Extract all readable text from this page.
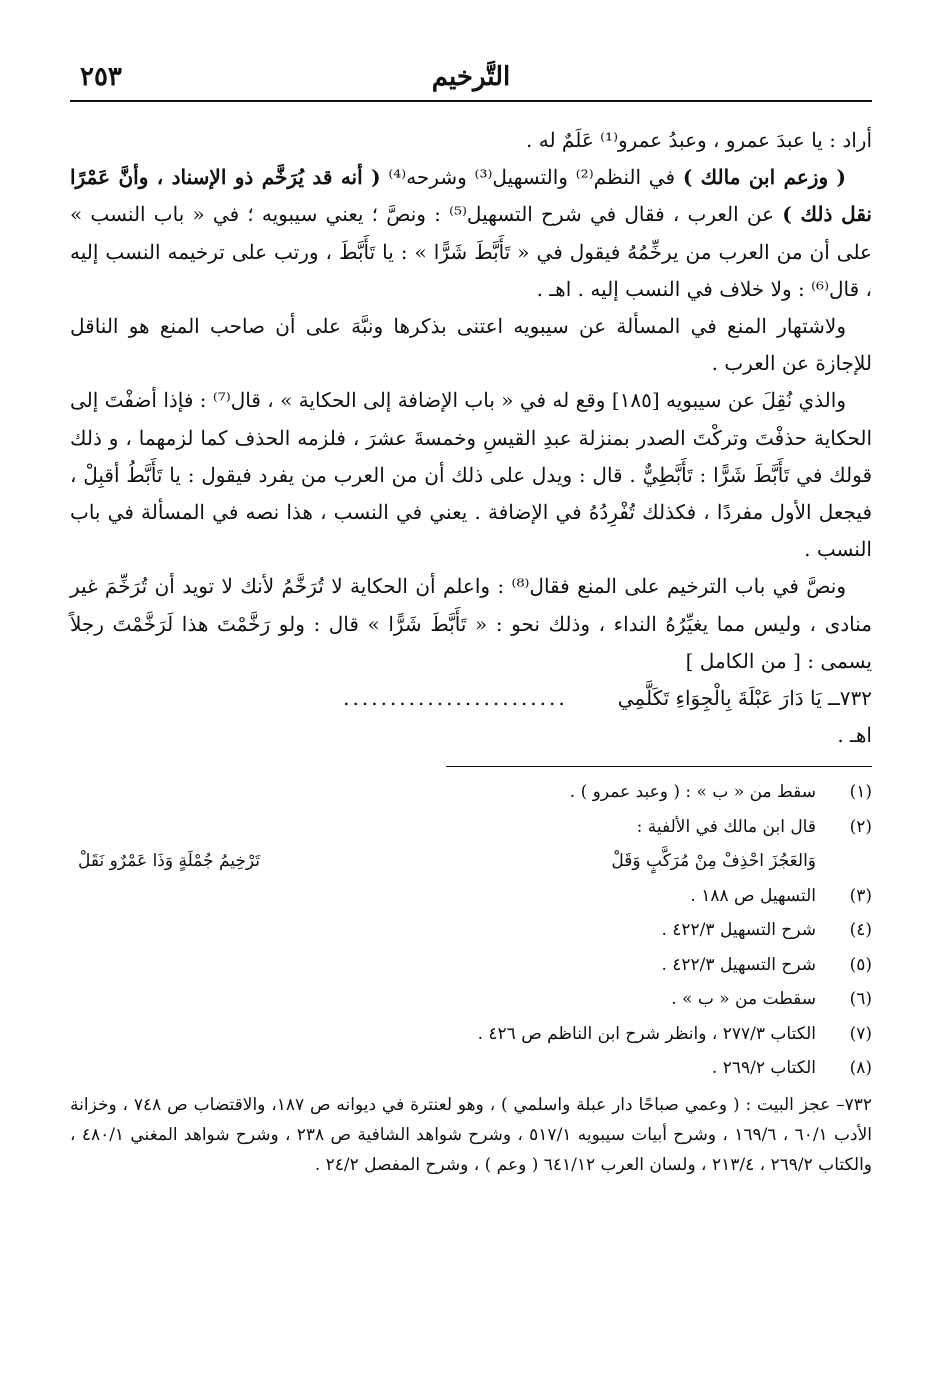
التَّرخيم
٢٥٣

أراد : يا عبدَ عمرو ، وعبدُ عمرو⁽¹⁾ عَلَمٌ له .

( وزعم ابن مالك ) في النظم⁽²⁾ والتسهيل⁽³⁾ وشرحه⁽⁴⁾ ( أنه قد يُرَخَّم ذو الإسناد ، وأنَّ عَمْرًا نقل ذلك ) عن العرب ، فقال في شرح التسهيل⁽⁵⁾ : ونصَّ ؛ يعني سيبويه ؛ في « باب النسب » على أن من العرب من يرخِّمُهُ فيقول في « تَأَبَّطَ شَرًّا » : يا تَأَبَّطَ ، ورتب على ترخيمه النسب إليه ، قال⁽⁶⁾ : ولا خلاف في النسب إليه . اهـ .

ولاشتهار المنع في المسألة عن سيبويه اعتنى بذكرها ونبَّهَ على أن صاحب المنع هو الناقل للإجازة عن العرب .

والذي نُقِلَ عن سيبويه [١٨٥] وقع له في « باب الإضافة إلى الحكاية » ، قال⁽⁷⁾ : فإذا أضفْتَ إلى الحكاية حذفْتَ وتركْتَ الصدر بمنزلة عبدِ القيسِ وخمسةَ عشرَ ، فلزمه الحذف كما لزمهما ، و ذلك قولك في تَأَبَّطَ شَرًّا : تَأَبَّطِيٌّ . قال : ويدل على ذلك أن من العرب من يفرد فيقول : يا تَأَبَّطُ أقبِلْ ، فيجعل الأول مفردًا ، فكذلك تُفْرِدُهُ في الإضافة . يعني في النسب ، هذا نصه في المسألة في باب النسب .

ونصَّ في باب الترخيم على المنع فقال⁽⁸⁾ : واعلم أن الحكاية لا تُرَخَّمُ لأنك لا تويد أن تُرَخِّمَ غير منادى ، وليس مما يغيِّرُهُ النداء ، وذلك نحو : « تَأَبَّطَ شَرًّا » قال : ولو رَخَّمْتَ هذا لَرَخَّمْتَ رجلاً يسمى : [ من الكامل ]

٧٣٢ــ يَا دَارَ عَبْلَةَ بِالْجِوَاءِ تَكَلَّمِي
........................

اهـ .

(١)
سقط من « ب » : ( وعبد عمرو ) .
(٢)
قال ابن مالك في الألفية :
وَالعَجُزَ احْذِفْ مِنْ مُرَكَّبٍ وَقَلْ
تَرْخِيمُ جُمْلَةٍ وَذَا عَمْرٌو نَقَلْ
(٣)
التسهيل ص ١٨٨ .
(٤)
شرح التسهيل ٤٢٢/٣ .
(٥)
شرح التسهيل ٤٢٢/٣ .
(٦)
سقطت من « ب » .
(٧)
الكتاب ٢٧٧/٣ ، وانظر شرح ابن الناظم ص ٤٢٦ .
(٨)
الكتاب ٢٦٩/٢ .
٧٣٢– عجز البيت : ( وعمي صباحًا دار عبلة واسلمي ) ، وهو لعنترة في ديوانه ص ١٨٧، والاقتضاب ص ٧٤٨ ، وخزانة الأدب ٦٠/١ ، ١٦٩/٦ ، وشرح أبيات سيبويه ٥١٧/١ ، وشرح شواهد الشافية ص ٢٣٨ ، وشرح شواهد المغني ٤٨٠/١ ، والكتاب ٢٦٩/٢ ، ٢١٣/٤ ، ولسان العرب ٦٤١/١٢ ( وعم ) ، وشرح المفصل ٢٤/٢ .
